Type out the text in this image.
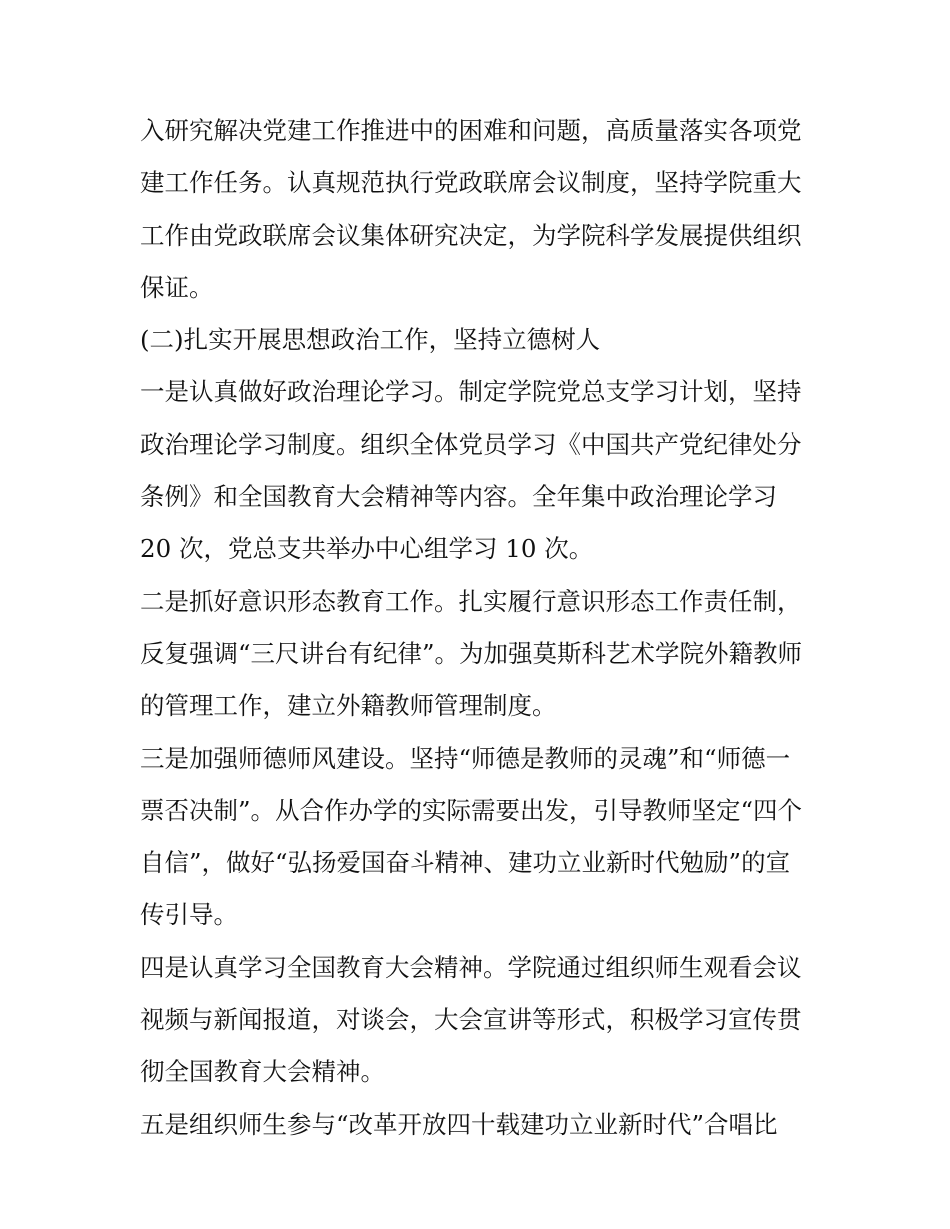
入研究解决党建工作推进中的困难和问题，高质量落实各项党
建工作任务。认真规范执行党政联席会议制度，坚持学院重大
工作由党政联席会议集体研究决定，为学院科学发展提供组织
保证。
(二)扎实开展思想政治工作，坚持立德树人
一是认真做好政治理论学习。制定学院党总支学习计划，坚持
政治理论学习制度。组织全体党员学习《中国共产党纪律处分
条例》和全国教育大会精神等内容。全年集中政治理论学习
20 次，党总支共举办中心组学习 10 次。
二是抓好意识形态教育工作。扎实履行意识形态工作责任制，
反复强调“三尺讲台有纪律”。为加强莫斯科艺术学院外籍教师
的管理工作，建立外籍教师管理制度。
三是加强师德师风建设。坚持“师德是教师的灵魂”和“师德一
票否决制”。从合作办学的实际需要出发，引导教师坚定“四个
自信”，做好“弘扬爱国奋斗精神、建功立业新时代勉励”的宣
传引导。
四是认真学习全国教育大会精神。学院通过组织师生观看会议
视频与新闻报道，对谈会，大会宣讲等形式，积极学习宣传贯
彻全国教育大会精神。
五是组织师生参与“改革开放四十载建功立业新时代”合唱比
